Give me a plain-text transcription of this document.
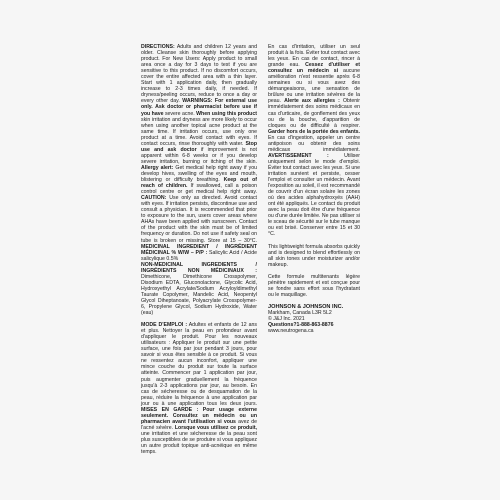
DIRECTIONS: Adults and children 12 years and older. Cleanse skin thoroughly before applying product. For New Users: Apply product to small area once a day for 3 days to test if you are sensitive to this product. If no discomfort occurs, cover the entire affected area with a thin layer. Start with 1 application daily, then gradually increase to 2-3 times daily, if needed. If dryness/peeling occurs, reduce to once a day or every other day. WARNINGS: For external use only. Ask doctor or pharmacist before use if you have severe acne. When using this product skin irritation and dryness are more likely to occur when using another topical acne product at the same time. If irritation occurs, use only one product at a time. Avoid contact with eyes. If contact occurs, rinse thoroughly with water. Stop use and ask doctor if improvement is not apparent within 6-8 weeks or if you develop severe irritation, burning or itching of the skin. Allergy alert: Get medical help right away if you develop hives, swelling of the eyes and mouth, blistering or difficulty breathing. Keep out of reach of children. If swallowed, call a poison control centre or get medical help right away. CAUTION: Use only as directed. Avoid contact with eyes. If irritation persists, discontinue use and consult a physician. It is recommended that prior to exposure to the sun, users cover areas where AHAs have been applied with sunscreen. Contact of the product with the skin must be of limited frequency or duration. Do not use if safety seal on tube is broken or missing. Store at 15 – 30°C. MEDICINAL INGREDIENT / INGRÉDIENT MÉDICINAL % W/W – P/P : Salicylic Acid / Acide salicylique 0.5%

NON-MEDICINAL INGREDIENTS / INGRÉDIENTS NON MÉDICINAUX : Dimethicone, Dimethicone Crosspolymer, Disodium EDTA, Gluconolactone, Glycolic Acid, Hydroxyethyl Acrylate/Sodium Acryloyldimethyl Taurate Copolymer, Mandelic Acid, Neopentyl Glycol Diheptanoate, Polyacrylate Crosspolymer-6, Propylene Glycol, Sodium Hydroxide, Water (eau)

MODE D'EMPLOI : Adultes et enfants de 12 ans et plus. Nettoyer la peau en profondeur avant d'appliquer le produit. Pour les nouveaux utilisateurs : Appliquer le produit sur une petite surface, une fois par jour pendant 3 jours, pour savoir si vous êtes sensible à ce produit. Si vous ne ressentez aucun inconfort, appliquer une mince couche du produit sur toute la surface atteinte. Commencer par 1 application par jour, puis augmenter graduellement la fréquence jusqu'à 2-3 applications par jour, au besoin. En cas de sécheresse ou de desquamation de la peau, réduire la fréquence à une application par jour ou à une application tous les deux jours. MISES EN GARDE : Pour usage externe seulement. Consultez un médecin ou un pharmacien avant l'utilisation si vous avez de l'acné sévère. Lorsque vous utilisez ce produit, une irritation et une sécheresse de la peau sont plus susceptibles de se produire si vous appliquez un autre produit topique anti-acnéique en même temps.

En cas d'irritation, utiliser un seul produit à la fois. Éviter tout contact avec les yeux. En cas de contact, rincer à grande eau. Cessez d'utiliser et consultez un médecin si aucune amélioration n'est ressentie après 6-8 semaines ou si vous avez des démangeaisons, une sensation de brûlure ou une irritation sévères de la peau. Alerte aux allergies : Obtenir immédiatement des soins médicaux en cas d'urticaire, de gonflement des yeux ou de la bouche, d'apparition de cloques ou de difficulté à respirer. Garder hors de la portée des enfants. En cas d'ingestion, appeler un centre antipoison ou obtenir des soins médicaux immédiatement. AVERTISSEMENT :	Utiliser uniquement selon le mode d'emploi. Éviter tout contact avec les yeux. Si une irritation survient et persiste, cesser l'emploi et consulter un médecin. Avant l'exposition au soleil, il est recommandé de couvrir d'un écran solaire les zones où des acides alphahydroxyés (AAH) ont été appliqués. Le contact du produit avec la peau doit être d'une fréquence ou d'une durée limitée. Ne pas utiliser si le sceau de sécurité sur le tube manque ou est brisé. Conserver entre 15 et 30 °C.

This lightweight formula absorbs quickly and is designed to blend effortlessly on all skin tones under moisturizer and/or makeup.

Cette formule multitenants légère pénètre rapidement et est conçue pour se fondre sans effort sous l'hydratant ou le maquillage.

JOHNSON & JOHNSON INC.
Markham, Canada L3R 5L2
© J&J Inc. 2021
Questions?1-888-863-8876
www.neutrogena.ca
